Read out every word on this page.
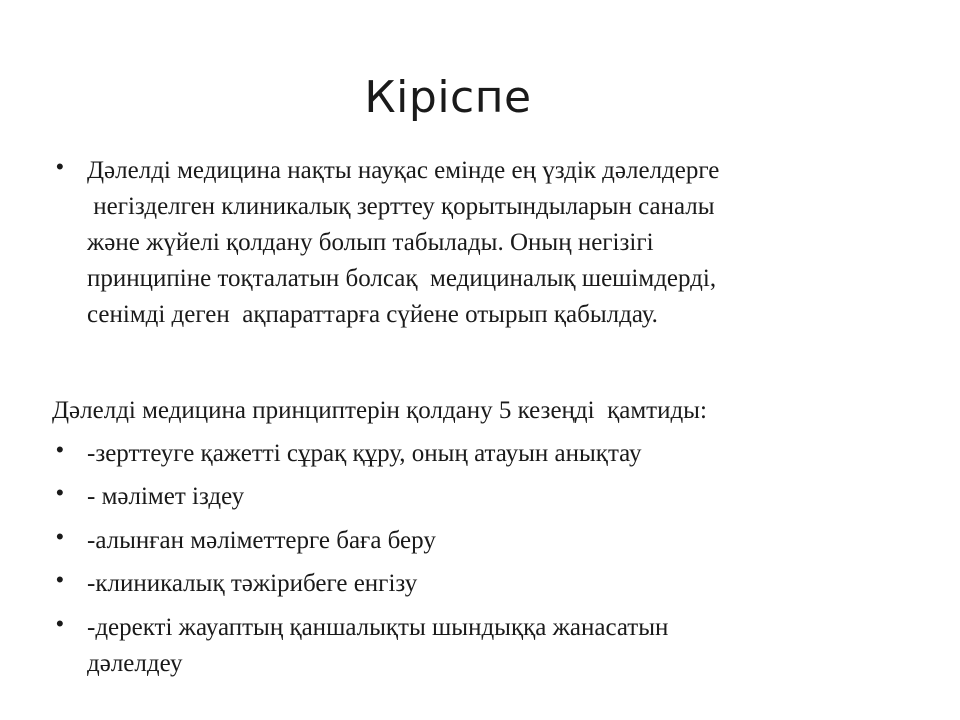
Кіріспе
• Дәлелді медицина нақты науқас емінде ең үздік дәлелдерге
негізделген клиникалық зерттеу қорытындыларын саналы
және жүйелі қолдану болып табылады. Оның негізігі
принципіне тоқталатын болсақ  медициналық шешімдерді,
сенімді деген  ақпараттарға сүйене отырып қабылдау.
Дәлелді медицина принциптерін қолдану 5 кезеңді  қамтиды:
• -зерттеуге қажетті сұрақ құру, оның атауын анықтау
• - мәлімет іздеу
• -алынған мәліметтерге баға беру
• -клиникалық тәжірибеге енгізу
• -деректі жауаптың қаншалықты шындыққа жанасатын
дәлелдеу
